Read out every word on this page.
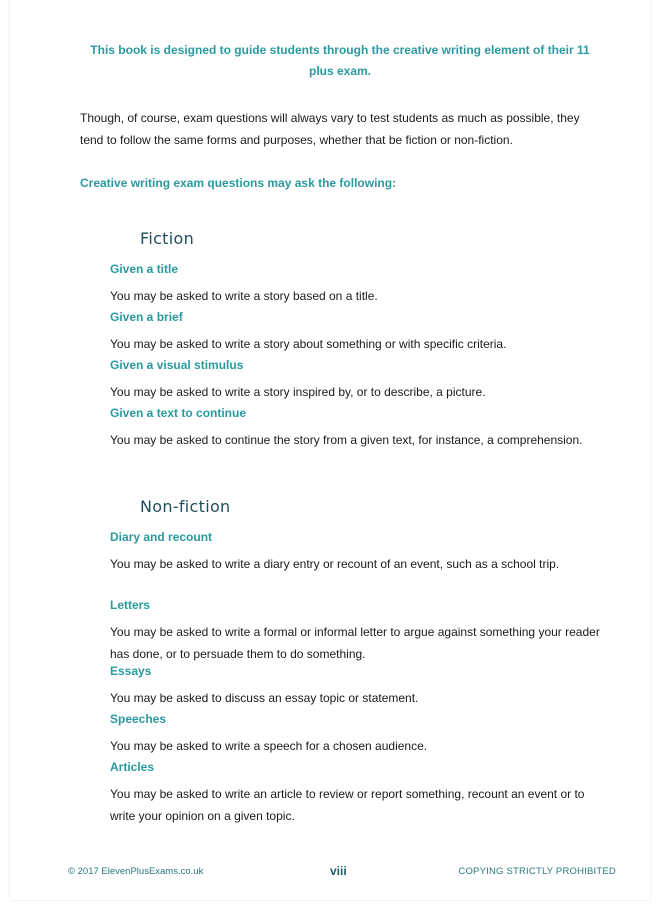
This book is designed to guide students through the creative writing element of their 11 plus exam.
Though, of course, exam questions will always vary to test students as much as possible, they tend to follow the same forms and purposes, whether that be fiction or non-fiction.
Creative writing exam questions may ask the following:
Fiction
Given a title
You may be asked to write a story based on a title.
Given a brief
You may be asked to write a story about something or with specific criteria.
Given a visual stimulus
You may be asked to write a story inspired by, or to describe, a picture.
Given a text to continue
You may be asked to continue the story from a given text, for instance, a comprehension.
Non-fiction
Diary and recount
You may be asked to write a diary entry or recount of an event, such as a school trip.
Letters
You may be asked to write a formal or informal letter to argue against something your reader has done, or to persuade them to do something.
Essays
You may be asked to discuss an essay topic or statement.
Speeches
You may be asked to write a speech for a chosen audience.
Articles
You may be asked to write an article to review or report something, recount an event or to write your opinion on a given topic.
© 2017 ElevenPlusExams.co.uk	viii	COPYING STRICTLY PROHIBITED
